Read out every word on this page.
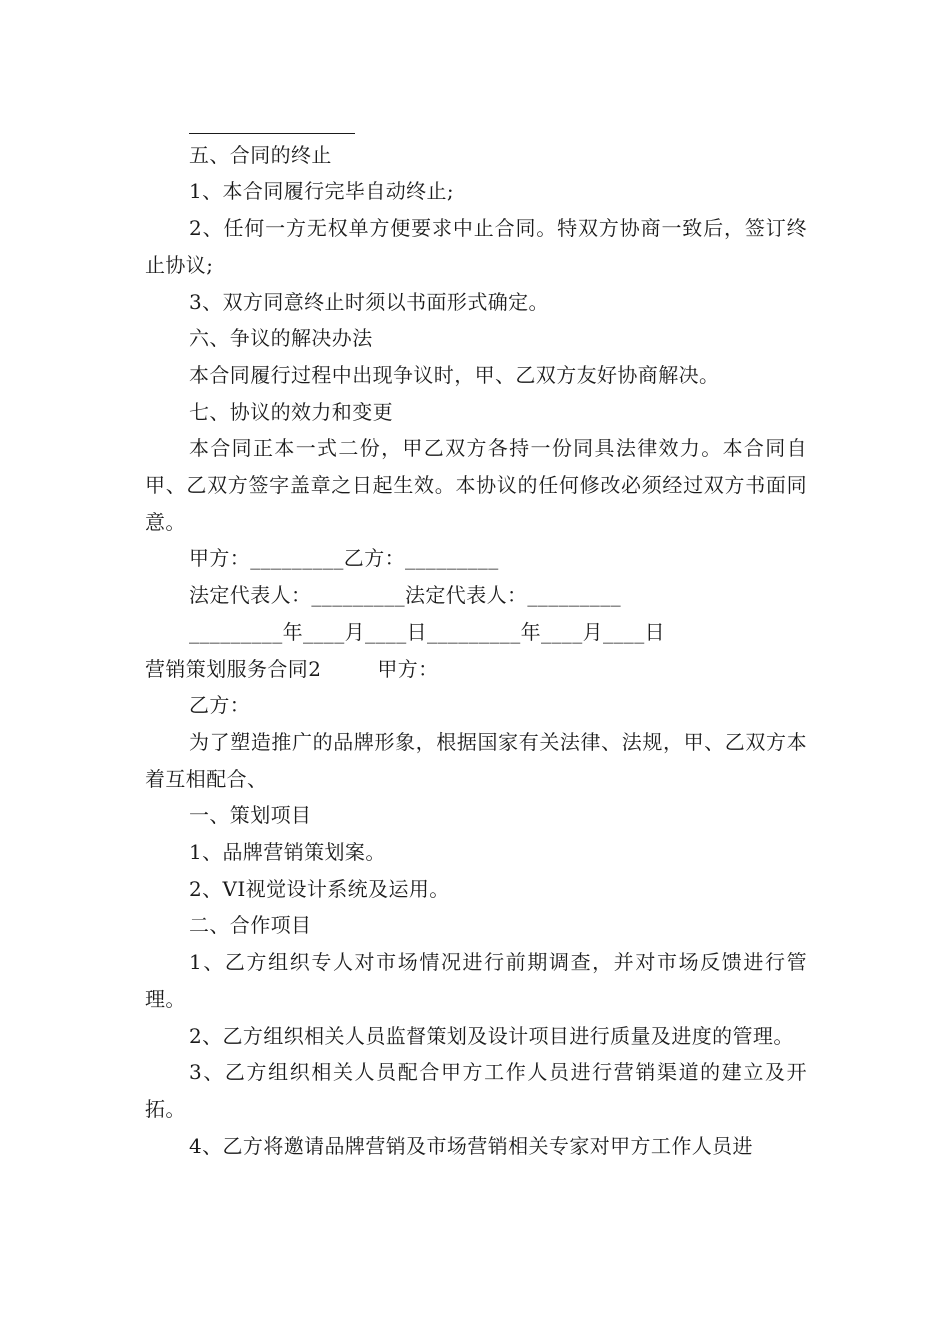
五、合同的终止

1、本合同履行完毕自动终止;

2、任何一方无权单方便要求中止合同。特双方协商一致后，签订终止协议;

3、双方同意终止时须以书面形式确定。

六、争议的解决办法

本合同履行过程中出现争议时，甲、乙双方友好协商解决。

七、协议的效力和变更

本合同正本一式二份，甲乙双方各持一份同具法律效力。本合同自甲、乙双方签字盖章之日起生效。本协议的任何修改必须经过双方书面同意。

甲方：_________乙方：_________

法定代表人：_________法定代表人：_________

_________年____月____日_________年____月____日

营销策划服务合同2	甲方：

乙方：

为了塑造推广的品牌形象，根据国家有关法律、法规，甲、乙双方本着互相配合、

一、策划项目

1、品牌营销策划案。

2、VI视觉设计系统及运用。

二、合作项目

1、乙方组织专人对市场情况进行前期调查，并对市场反馈进行管理。

2、乙方组织相关人员监督策划及设计项目进行质量及进度的管理。

3、乙方组织相关人员配合甲方工作人员进行营销渠道的建立及开拓。

4、乙方将邀请品牌营销及市场营销相关专家对甲方工作人员进
